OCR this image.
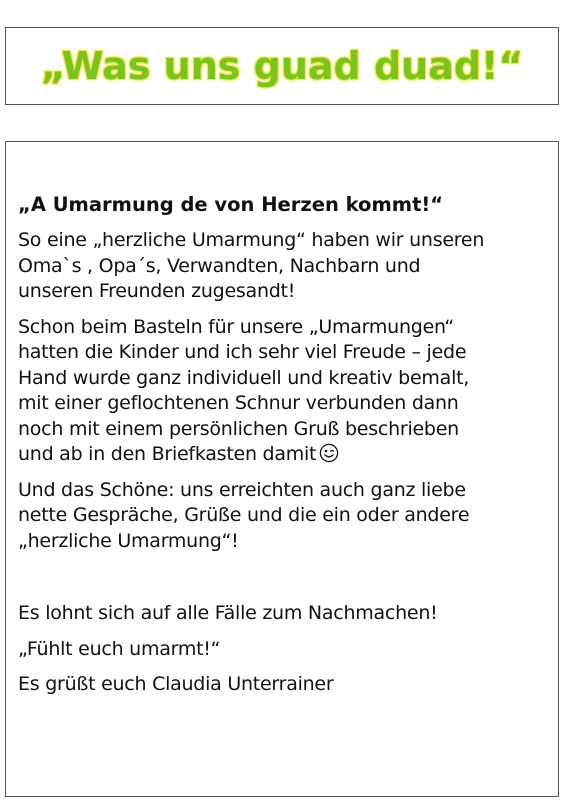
„Was uns guad duad!“
„A Umarmung de von Herzen kommt!“
So eine „herzliche Umarmung“ haben wir unseren
Oma`s , Opa´s, Verwandten, Nachbarn und
unseren Freunden zugesandt!
Schon beim Basteln für unsere „Umarmungen“
hatten die Kinder und ich sehr viel Freude – jede
Hand wurde ganz individuell und kreativ bemalt,
mit einer geflochtenen Schnur verbunden dann
noch mit einem persönlichen Gruß beschrieben
und ab in den Briefkasten damit
Und das Schöne: uns erreichten auch ganz liebe
nette Gespräche, Grüße und die ein oder andere
„herzliche Umarmung“!
Es lohnt sich auf alle Fälle zum Nachmachen!
„Fühlt euch umarmt!“
Es grüßt euch Claudia Unterrainer
